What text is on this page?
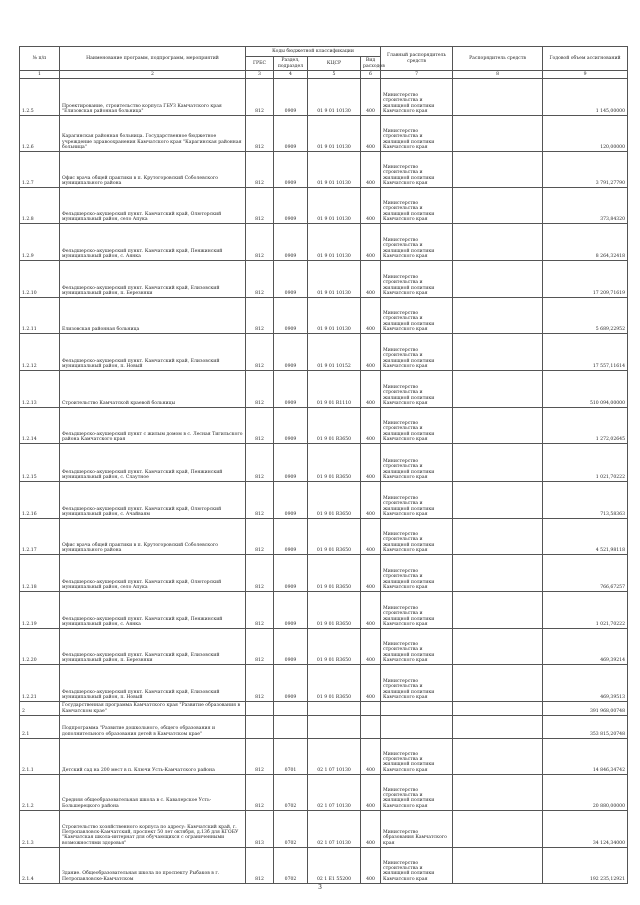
№ п/п	Наименование программ, подпрограмм, мероприятий	Коды бюджетной классификации				Главный распорядитель средств	Распорядитель средств	Годовой объем ассигнований
		ГРБС	Раздел, подраздел	КЦСР	Вид расходов			
1	2	3	4	5	6	7	8	9
1.2.5	Проектирование, строительство корпуса ГБУЗ Камчатского края "Елизовская районная больница"	812	0909	01 9 01 10130	400	Министерство строительства и жилищной политики Камчатского края		1 145,00000
1.2.6	Карагинская районная больница. Государственное бюджетное учреждение здравоохранения Камчатского края "Карагинская районная больница"	812	0909	01 9 01 10130	400	Министерство строительства и жилищной политики Камчатского края		120,00000
1.2.7	Офис врача общей практики в п. Крутогоровский Соболевского муниципального района	812	0909	01 9 01 10130	400	Министерство строительства и жилищной политики Камчатского края		3 791,27790
1.2.8	Фельдшерско-акушерский пункт. Камчатский край, Олюторский муниципальный район, село Апука	812	0909	01 9 01 10130	400	Министерство строительства и жилищной политики Камчатского края		373,84320
1.2.9	Фельдшерско-акушерский пункт. Камчатский край, Пенжинский муниципальный район, с. Аянка	812	0909	01 9 01 10130	400	Министерство строительства и жилищной политики Камчатского края		8 264,32418
1.2.10	Фельдшерско-акушерский пункт. Камчатский край, Елизовский муниципальный район, п. Березняки	812	0909	01 9 01 10130	400	Министерство строительства и жилищной политики Камчатского края		17 209,71619
1.2.11	Елизовская районная больница	812	0909	01 9 01 10130	400	Министерство строительства и жилищной политики Камчатского края		5 689,22952
1.2.12	Фельдшерско-акушерский пункт. Камчатский край, Елизовский муниципальный район, п. Новый	812	0909	01 9 01 10152	400	Министерство строительства и жилищной политики Камчатского края		17 557,11614
1.2.13	Строительство Камчатской краевой больницы	812	0909	01 9 01 R1110	400	Министерство строительства и жилищной политики Камчатского края		510 094,00000
1.2.14	Фельдшерско-акушерский пункт с жилым домом в с. Лесная Тигильского района Камчатского края	812	0909	01 9 01 R3650	400	Министерство строительства и жилищной политики Камчатского края		1 272,02645
1.2.15	Фельдшерско-акушерский пункт. Камчатский край, Пенжинский муниципальный район, с. Слаутное	812	0909	01 9 01 R3650	400	Министерство строительства и жилищной политики Камчатского края		1 021,70222
1.2.16	Фельдшерско-акушерский пункт. Камчатский край, Олюторский муниципальный район, с. Ачайваям	812	0909	01 9 01 R3650	400	Министерство строительства и жилищной политики Камчатского края		713,58363
1.2.17	Офис врача общей практики в п. Крутогоровский Соболевского муниципального района	812	0909	01 9 01 R3650	400	Министерство строительства и жилищной политики Камчатского края		4 521,98118
1.2.18	Фельдшерско-акушерский пункт. Камчатский край, Олюторский муниципальный район, село Апука	812	0909	01 9 01 R3650	400	Министерство строительства и жилищной политики Камчатского края		766,67257
1.2.19	Фельдшерско-акушерский пункт. Камчатский край, Пенжинский муниципальный район, с. Аянка	812	0909	01 9 01 R3650	400	Министерство строительства и жилищной политики Камчатского края		1 021,70222
1.2.20	Фельдшерско-акушерский пункт. Камчатский край, Елизовский муниципальный район, п. Березняки	812	0909	01 9 01 R3650	400	Министерство строительства и жилищной политики Камчатского края		469,39214
1.2.21	Фельдшерско-акушерский пункт. Камчатский край, Елизовский муниципальный район, п. Новый	812	0909	01 9 01 R3650	400	Министерство строительства и жилищной политики Камчатского края		469,39513
2	Государственная программа Камчатского края "Развитие образования в Камчатском крае"							391 968,00748
2.1	Подпрограмма "Развитие дошкольного, общего образования и дополнительного образования детей в Камчатском крае"							353 815,20748
2.1.1	Детский сад на 200 мест в п. Ключи Усть-Камчатского района	812	0701	02 1 07 10130	400	Министерство строительства и жилищной политики Камчатского края		14 846,34742
2.1.2	Средняя общеобразовательная школа в с. Кавалерское Усть-Большерецкого района	812	0702	02 1 07 10130	400	Министерство строительства и жилищной политики Камчатского края		20 880,00000
2.1.3	Строительство хозяйственного корпуса по адресу: Камчатский край, г. Петропавловск-Камчатский, проспект 50 лет октября, д.13б для КГОБУ "Камчатская школа-интернат для обучающихся с ограниченными возможностями здоровья"	813	0702	02 1 07 10130	400	Министерство образования Камчатского края		34 124,34000
2.1.4	Здание. Общеобразовательная школа по проспекту Рыбаков в г. Петропавловске-Камчатском	812	0702	02 1 E1 55200	400	Министерство строительства и жилищной политики Камчатского края		192 235,12921
3
